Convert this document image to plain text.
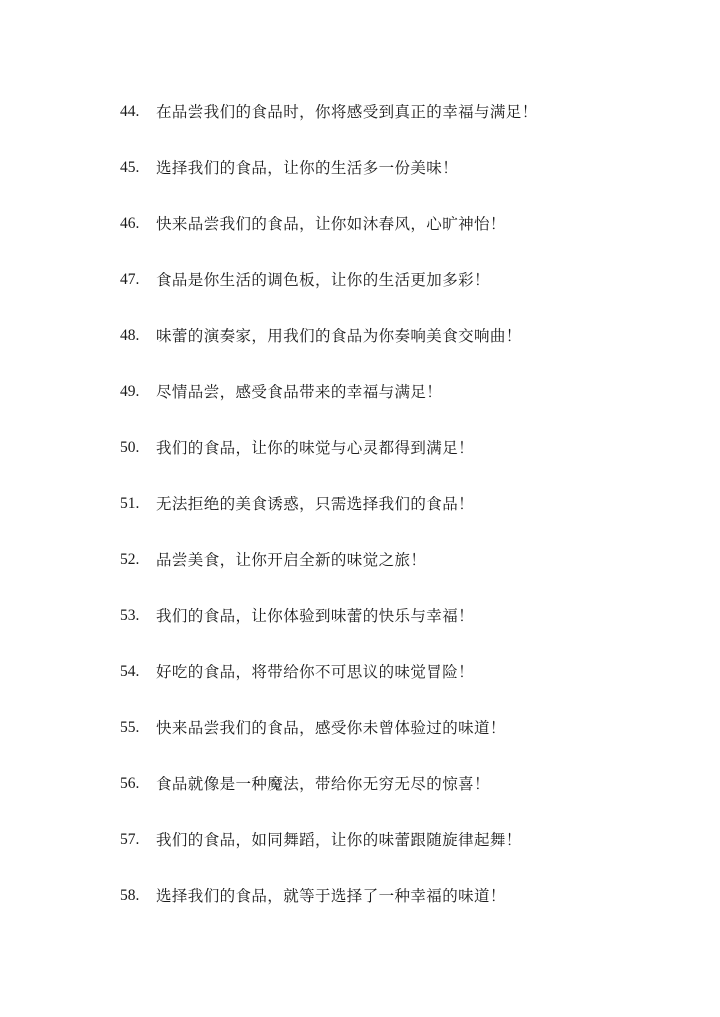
44.	在品尝我们的食品时，你将感受到真正的幸福与满足！
45.	选择我们的食品，让你的生活多一份美味！
46.	快来品尝我们的食品，让你如沐春风，心旷神怡！
47.	食品是你生活的调色板，让你的生活更加多彩！
48.	味蕾的演奏家，用我们的食品为你奏响美食交响曲！
49.	尽情品尝，感受食品带来的幸福与满足！
50.	我们的食品，让你的味觉与心灵都得到满足！
51.	无法拒绝的美食诱惑，只需选择我们的食品！
52.	品尝美食，让你开启全新的味觉之旅！
53.	我们的食品，让你体验到味蕾的快乐与幸福！
54.	好吃的食品，将带给你不可思议的味觉冒险！
55.	快来品尝我们的食品，感受你未曾体验过的味道！
56.	食品就像是一种魔法，带给你无穷无尽的惊喜！
57.	我们的食品，如同舞蹈，让你的味蕾跟随旋律起舞！
58.	选择我们的食品，就等于选择了一种幸福的味道！
